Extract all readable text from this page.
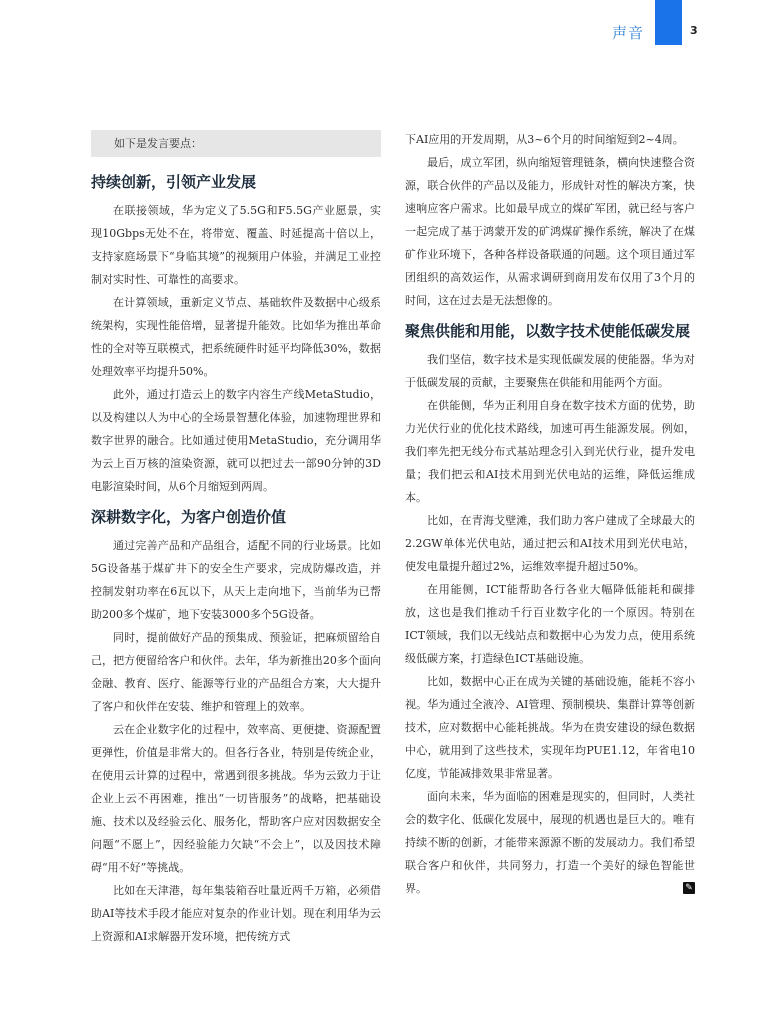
声音	3
如下是发言要点：
持续创新，引领产业发展

在联接领域，华为定义了5.5G和F5.5G产业愿景，实现10Gbps无处不在，将带宽、覆盖、时延提高十倍以上，支持家庭场景下“身临其境”的视频用户体验，并满足工业控制对实时性、可靠性的高要求。

在计算领域，重新定义节点、基础软件及数据中心级系统架构，实现性能倍增，显著提升能效。比如华为推出革命性的全对等互联模式，把系统硬件时延平均降低30%，数据处理效率平均提升50%。

此外，通过打造云上的数字内容生产线MetaStudio，以及构建以人为中心的全场景智慧化体验，加速物理世界和数字世界的融合。比如通过使用MetaStudio，充分调用华为云上百万核的渲染资源，就可以把过去一部90分钟的3D电影渲染时间，从6个月缩短到两周。

深耕数字化，为客户创造价值

通过完善产品和产品组合，适配不同的行业场景。比如5G设备基于煤矿井下的安全生产要求，完成防爆改造，并控制发射功率在6瓦以下，从天上走向地下，当前华为已帮助200多个煤矿，地下安装3000多个5G设备。

同时，提前做好产品的预集成、预验证，把麻烦留给自己，把方便留给客户和伙伴。去年，华为新推出20多个面向金融、教育、医疗、能源等行业的产品组合方案，大大提升了客户和伙伴在安装、维护和管理上的效率。

云在企业数字化的过程中，效率高、更便捷、资源配置更弹性，价值是非常大的。但各行各业，特别是传统企业，在使用云计算的过程中，常遇到很多挑战。华为云致力于让企业上云不再困难，推出“一切皆服务”的战略，把基础设施、技术以及经验云化、服务化，帮助客户应对因数据安全问题“不愿上”，因经验能力欠缺“不会上”，以及因技术障碍“用不好”等挑战。

比如在天津港，每年集装箱吞吐量近两千万箱，必须借助AI等技术手段才能应对复杂的作业计划。现在利用华为云上资源和AI求解器开发环境，把传统方式

下AI应用的开发周期，从3~6个月的时间缩短到2~4周。

最后，成立军团，纵向缩短管理链条，横向快速整合资源，联合伙伴的产品以及能力，形成针对性的解决方案，快速响应客户需求。比如最早成立的煤矿军团，就已经与客户一起完成了基于鸿蒙开发的矿鸿煤矿操作系统，解决了在煤矿作业环境下，各种各样设备联通的问题。这个项目通过军团组织的高效运作，从需求调研到商用发布仅用了3个月的时间，这在过去是无法想像的。

聚焦供能和用能，以数字技术使能低碳发展

我们坚信，数字技术是实现低碳发展的使能器。华为对于低碳发展的贡献，主要聚焦在供能和用能两个方面。

在供能侧，华为正利用自身在数字技术方面的优势，助力光伏行业的优化技术路线，加速可再生能源发展。例如，我们率先把无线分布式基站理念引入到光伏行业，提升发电量；我们把云和AI技术用到光伏电站的运维，降低运维成本。

比如，在青海戈壁滩，我们助力客户建成了全球最大的2.2GW单体光伏电站，通过把云和AI技术用到光伏电站，使发电量提升超过2%，运维效率提升超过50%。

在用能侧，ICT能帮助各行各业大幅降低能耗和碳排放，这也是我们推动千行百业数字化的一个原因。特别在ICT领域，我们以无线站点和数据中心为发力点，使用系统级低碳方案，打造绿色ICT基础设施。

比如，数据中心正在成为关键的基础设施，能耗不容小视。华为通过全液冷、AI管理、预制模块、集群计算等创新技术，应对数据中心能耗挑战。华为在贵安建设的绿色数据中心，就用到了这些技术，实现年均PUE1.12，年省电10亿度，节能减排效果非常显著。

面向未来，华为面临的困难是现实的，但同时，人类社会的数字化、低碳化发展中，展现的机遇也是巨大的。唯有持续不断的创新，才能带来源源不断的发展动力。我们希望联合客户和伙伴，共同努力，打造一个美好的绿色智能世界。	✎
